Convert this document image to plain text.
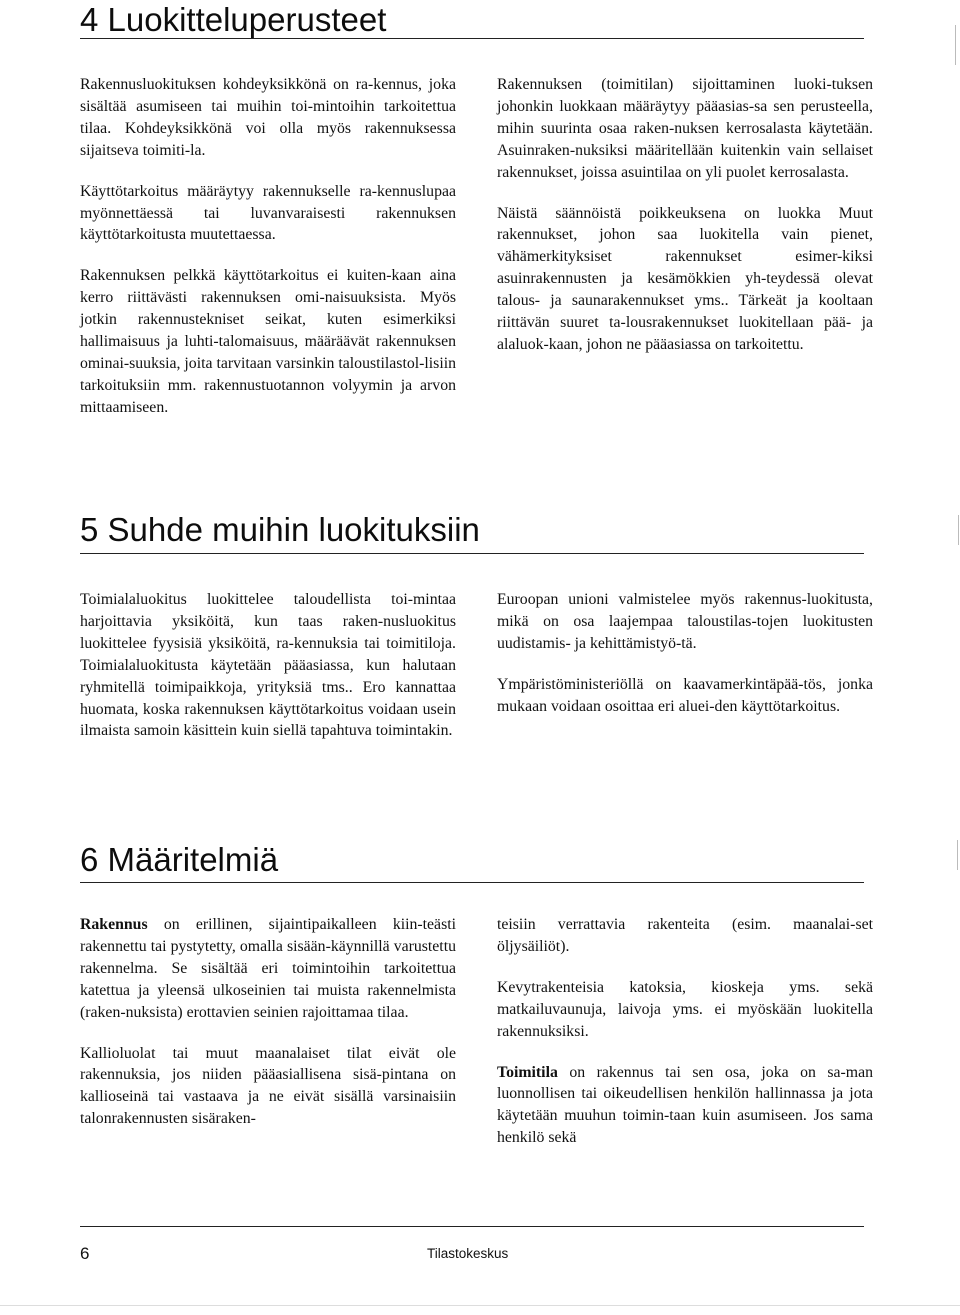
4 Luokitteluperusteet

Rakennusluokituksen kohdeyksikkönä on ra-kennus, joka sisältää asumiseen tai muihin toi-mintoihin tarkoitettua tilaa. Kohdeyksikkönä voi olla myös rakennuksessa sijaitseva toimiti-la.

Käyttötarkoitus määräytyy rakennukselle ra-kennuslupaa myönnettäessä tai luvanvaraisesti rakennuksen käyttötarkoitusta muutettaessa.

Rakennuksen pelkkä käyttötarkoitus ei kuiten-kaan aina kerro riittävästi rakennuksen omi-naisuuksista. Myös jotkin rakennustekniset seikat, kuten esimerkiksi hallimaisuus ja luhti-talomaisuus, määräävät rakennuksen ominai-suuksia, joita tarvitaan varsinkin taloustilastol-lisiin tarkoituksiin mm. rakennustuotannon volyymin ja arvon mittaamiseen.

Rakennuksen (toimitilan) sijoittaminen luoki-tuksen johonkin luokkaan määräytyy pääasias-sa sen perusteella, mihin suurinta osaa raken-nuksen kerrosalasta käytetään. Asuinraken-nuksiksi määritellään kuitenkin vain sellaiset rakennukset, joissa asuintilaa on yli puolet kerrosalasta.

Näistä säännöistä poikkeuksena on luokka Muut rakennukset, johon saa luokitella vain pienet, vähämerkityksiset rakennukset esimer-kiksi asuinrakennusten ja kesämökkien yh-teydessä olevat talous- ja saunarakennukset yms.. Tärkeät ja kooltaan riittävän suuret ta-lousrakennukset luokitellaan pää- ja alaluok-kaan, johon ne pääasiassa on tarkoitettu.

5 Suhde muihin luokituksiin

Toimialaluokitus luokittelee taloudellista toi-mintaa harjoittavia yksiköitä, kun taas raken-nusluokitus luokittelee fyysisiä yksiköitä, ra-kennuksia tai toimitiloja. Toimialaluokitusta käytetään pääasiassa, kun halutaan ryhmitellä toimipaikkoja, yrityksiä tms.. Ero kannattaa huomata, koska rakennuksen käyttötarkoitus voidaan usein ilmaista samoin käsittein kuin siellä tapahtuva toimintakin.

Euroopan unioni valmistelee myös rakennus-luokitusta, mikä on osa laajempaa taloustilas-tojen luokitusten uudistamis- ja kehittämistyö-tä.

Ympäristöministeriöllä on kaavamerkintäpää-tös, jonka mukaan voidaan osoittaa eri aluei-den käyttötarkoitus.

6 Määritelmiä

Rakennus on erillinen, sijaintipaikalleen kiin-teästi rakennettu tai pystytetty, omalla sisään-käynnillä varustettu rakennelma. Se sisältää eri toimintoihin tarkoitettua katettua ja yleensä ulkoseinien tai muista rakennelmista (raken-nuksista) erottavien seinien rajoittamaa tilaa.

Kallioluolat tai muut maanalaiset tilat eivät ole rakennuksia, jos niiden pääasiallisena sisä-pintana on kallioseinä tai vastaava ja ne eivät sisällä varsinaisiin talonrakennusten sisäraken-

teisiin verrattavia rakenteita (esim. maanalai-set öljysäiliöt).

Kevytrakenteisia katoksia, kioskeja yms. sekä matkailuvaunuja, laivoja yms. ei myöskään luokitella rakennuksiksi.

Toimitila on rakennus tai sen osa, joka on sa-man luonnollisen tai oikeudellisen henkilön hallinnassa ja jota käytetään muuhun toimin-taan kuin asumiseen. Jos sama henkilö sekä

6	Tilastokeskus
